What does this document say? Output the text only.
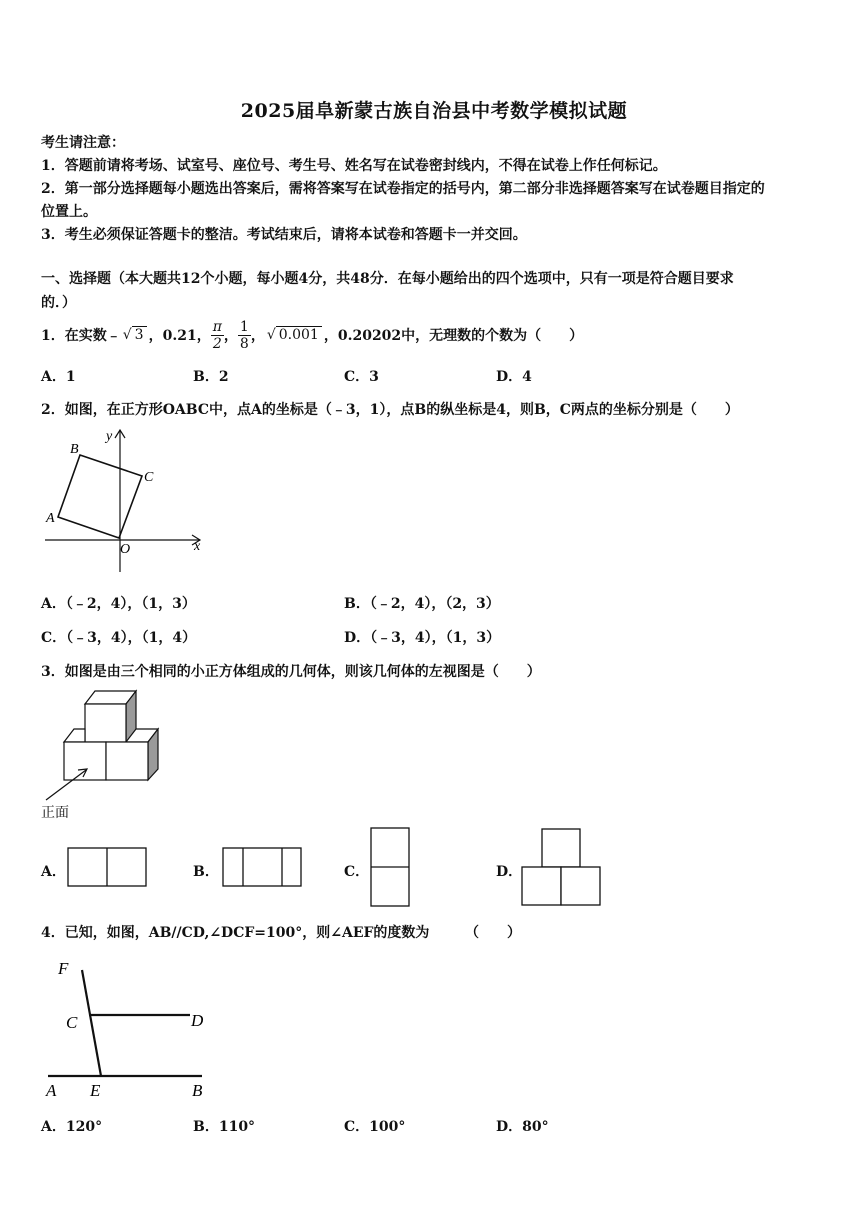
2025届阜新蒙古族自治县中考数学模拟试题
考生请注意：
1．答题前请将考场、试室号、座位号、考生号、姓名写在试卷密封线内，不得在试卷上作任何标记。
2．第一部分选择题每小题选出答案后，需将答案写在试卷指定的括号内，第二部分非选择题答案写在试卷题目指定的
位置上。
3．考生必须保证答题卡的整洁。考试结束后，请将本试卷和答题卡一并交回。
一、选择题（本大题共12个小题，每小题4分，共48分．在每小题给出的四个选项中，只有一项是符合题目要求
的．）
1．在实数﹣ √ 3 ，0.21， $\frac{\pi}{2}$ ， $\frac{1}{8}$ ， √ 0.001 ，0.20202中，无理数的个数为（　　）
A．1	B．2	C．3	D．4
2．如图，在正方形OABC中，点A的坐标是（﹣3，1），点B的纵坐标是4，则B，C两点的坐标分别是（　　）
B
y
C
A
O	x
A．（﹣2，4），（1，3）	B．（﹣2，4），（2，3）
C．（﹣3，4），（1，4）	D．（﹣3，4），（1，3）
3．如图是由三个相同的小正方体组成的几何体，则该几何体的左视图是（　　）
正面
A．	B．	C．	D．
4．已知，如图，AB//CD,∠DCF=100°，则∠AEF的度数为	（　　）
F
C	D
A E	B
A．120°	B．110°	C．100°	D．80°
